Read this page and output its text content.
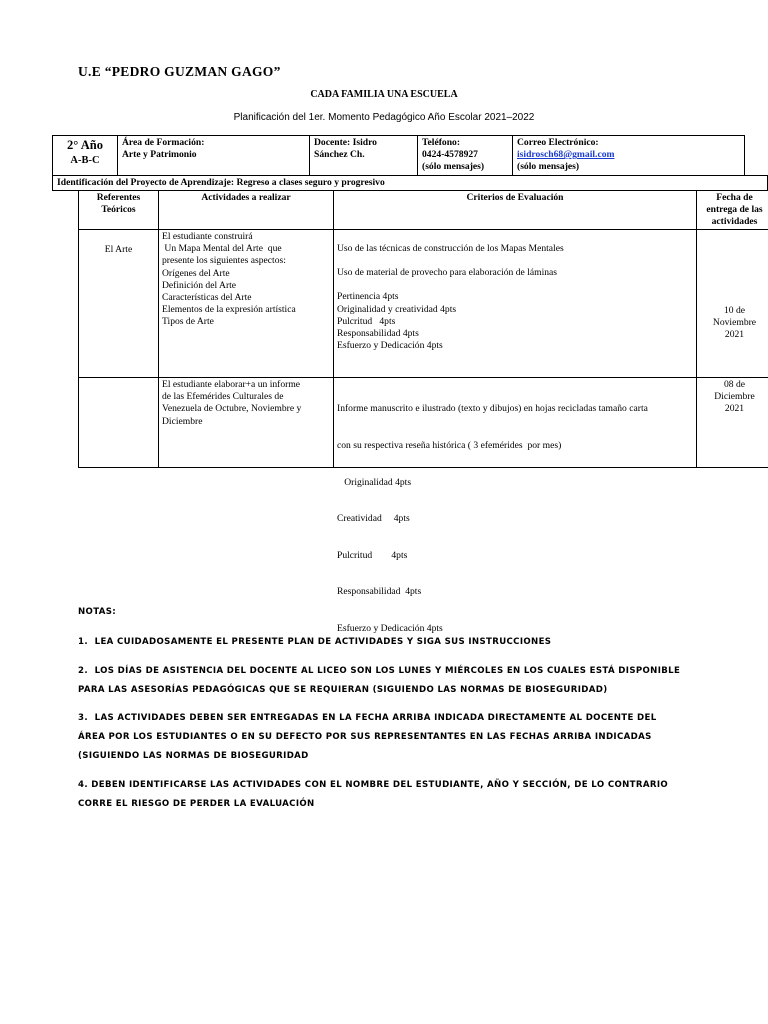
U.E “PEDRO GUZMAN GAGO”
CADA FAMILIA UNA ESCUELA
Planificación del 1er. Momento Pedagógico Año Escolar 2021–2022
2° Año
A-B-C
Área de Formación:
Arte y Patrimonio
Docente: Isidro
Sánchez Ch.
Teléfono:
0424-4578927
(sólo mensajes)
Correo Electrónico:
isidrosch68@gmail.com
(sólo mensajes)
Identificación del Proyecto de Aprendizaje: Regreso a clases seguro y progresivo
Referentes
Teóricos
Actividades a realizar	Criterios de Evaluación	Fecha de
entrega de las
actividades
El Arte
El estudiante construirá
Un Mapa Mental del Arte  que
presente los siguientes aspectos:
Orígenes del Arte
Definición del Arte
Características del Arte
Elementos de la expresión artística
Tipos de Arte
Uso de las técnicas de construcción de los Mapas Mentales
Uso de material de provecho para elaboración de láminas
Pertinencia 4pts
Originalidad y creatividad 4pts
Pulcritud   4pts
Responsabilidad 4pts
Esfuerzo y Dedicación 4pts
10 de
Noviembre
2021
El estudiante elaborar+a un informe
de las Efemérides Culturales de
Venezuela de Octubre, Noviembre y
Diciembre

Informe manuscrito e ilustrado (texto y dibujos) en hojas recicladas tamaño carta

con su respectiva reseña histórica ( 3 efemérides  por mes)

Originalidad 4pts

Creatividad     4pts

Pulcritud        4pts

Responsabilidad  4pts

Esfuerzo y Dedicación 4pts

08 de
Diciembre
2021
NOTAS:
1.  LEA CUIDADOSAMENTE EL PRESENTE PLAN DE ACTIVIDADES Y SIGA SUS INSTRUCCIONES
2.  LOS DÍAS DE ASISTENCIA DEL DOCENTE AL LICEO SON LOS LUNES Y MIÉRCOLES EN LOS CUALES ESTÁ DISPONIBLE
PARA LAS ASESORÍAS PEDAGÓGICAS QUE SE REQUIERAN (SIGUIENDO LAS NORMAS DE BIOSEGURIDAD)
3.  LAS ACTIVIDADES DEBEN SER ENTREGADAS EN LA FECHA ARRIBA INDICADA DIRECTAMENTE AL DOCENTE DEL
ÁREA POR LOS ESTUDIANTES O EN SU DEFECTO POR SUS REPRESENTANTES EN LAS FECHAS ARRIBA INDICADAS
(SIGUIENDO LAS NORMAS DE BIOSEGURIDAD
4. DEBEN IDENTIFICARSE LAS ACTIVIDADES CON EL NOMBRE DEL ESTUDIANTE, AÑO Y SECCIÓN, DE LO CONTRARIO
CORRE EL RIESGO DE PERDER LA EVALUACIÓN
